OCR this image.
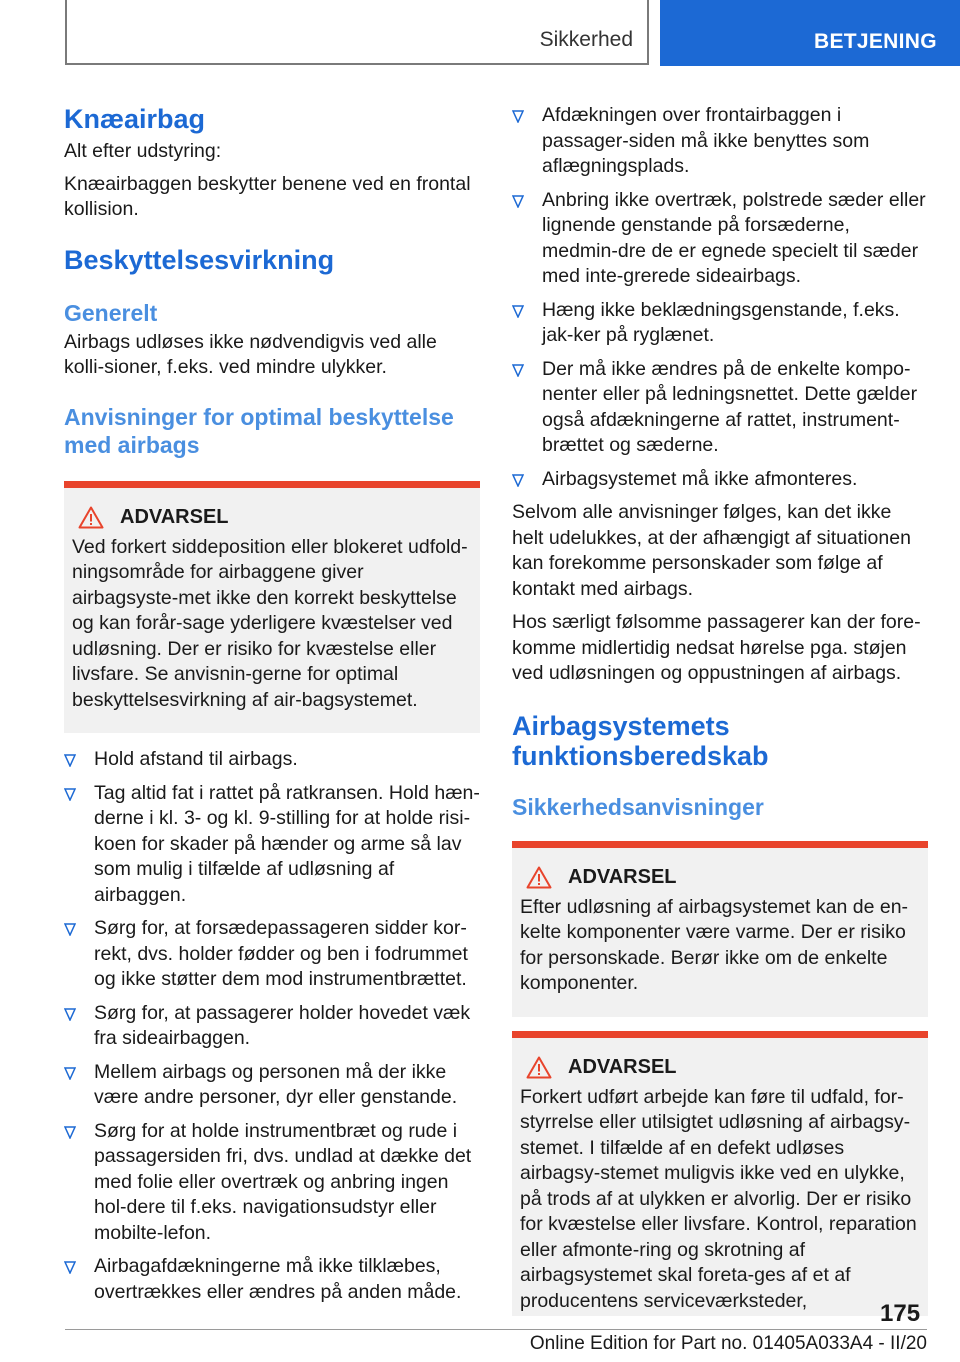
Sikkerhed	BETJENING
Knæairbag

Alt efter udstyring:

Knæairbaggen beskytter benene ved en frontal kollision.

Beskyttelsesvirkning
Generelt

Airbags udløses ikke nødvendigvis ved alle kolli-sioner, f.eks. ved mindre ulykker.

Anvisninger for optimal beskyttelse med airbags
ADVARSEL

Ved forkert siddeposition eller blokeret udfold-ningsområde for airbaggene giver airbagsyste-met ikke den korrekt beskyttelse og kan forår-sage yderligere kvæstelser ved udløsning. Der er risiko for kvæstelse eller livsfare. Se anvisnin-gerne for optimal beskyttelsesvirkning af air-bagsystemet.

Hold afstand til airbags.
Tag altid fat i rattet på ratkransen. Hold hæn-derne i kl. 3- og kl. 9-stilling for at holde risi-koen for skader på hænder og arme så lav som mulig i tilfælde af udløsning af airbaggen.
Sørg for, at forsædepassageren sidder kor-rekt, dvs. holder fødder og ben i fodrummet og ikke støtter dem mod instrumentbrættet.
Sørg for, at passagerer holder hovedet væk fra sideairbaggen.
Mellem airbags og personen må der ikke være andre personer, dyr eller genstande.
Sørg for at holde instrumentbræt og rude i passagersiden fri, dvs. undlad at dække det med folie eller overtræk og anbring ingen hol-dere til f.eks. navigationsudstyr eller mobilte-lefon.
Airbagafdækningerne må ikke tilklæbes, overtrækkes eller ændres på anden måde.
Afdækningen over frontairbaggen i passager-siden må ikke benyttes som aflægningsplads.
Anbring ikke overtræk, polstrede sæder eller lignende genstande på forsæderne, medmin-dre de er egnede specielt til sæder med inte-grerede sideairbags.
Hæng ikke beklædningsgenstande, f.eks. jak-ker på ryglænet.
Der må ikke ændres på de enkelte kompo-nenter eller på ledningsnettet. Dette gælder også afdækningerne af rattet, instrument-brættet og sæderne.
Airbagsystemet må ikke afmonteres.

Selvom alle anvisninger følges, kan det ikke helt udelukkes, at der afhængigt af situationen kan forekomme personskader som følge af kontakt med airbags.

Hos særligt følsomme passagerer kan der fore-komme midlertidig nedsat hørelse pga. støjen ved udløsningen og oppustningen af airbags.

Airbagsystemets funktionsberedskab
Sikkerhedsanvisninger
ADVARSEL

Efter udløsning af airbagsystemet kan de en-kelte komponenter være varme. Der er risiko for personskade. Berør ikke om de enkelte komponenter.

ADVARSEL

Forkert udført arbejde kan føre til udfald, for-styrrelse eller utilsigtet udløsning af airbagsy-stemet. I tilfælde af en defekt udløses airbagsy-stemet muligvis ikke ved en ulykke, på trods af at ulykken er alvorlig. Der er risiko for kvæstelse eller livsfare. Kontrol, reparation eller afmonte-ring og skrotning af airbagsystemet skal foreta-ges af et af producentens serviceværksteder,	175
Online Edition for Part no. 01405A033A4 - II/20
